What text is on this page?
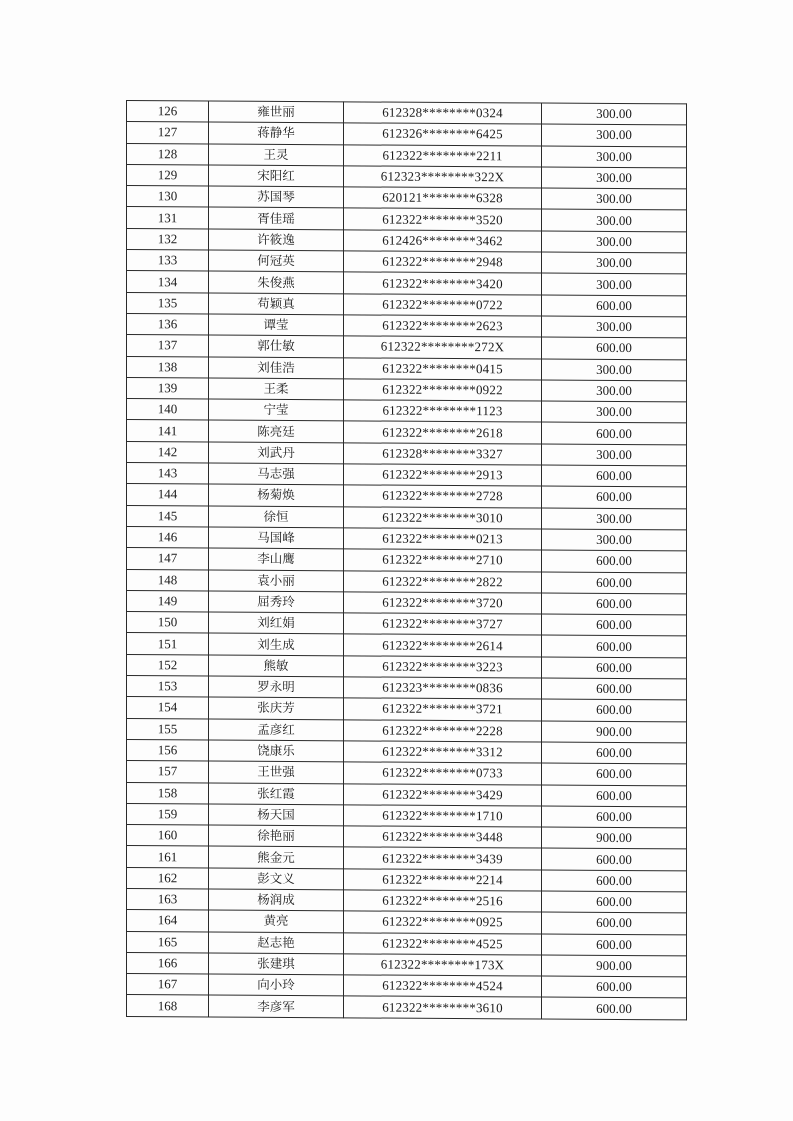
126	雍世丽	612328********0324	300.00
127	蒋静华	612326********6425	300.00
128	王灵	612322********2211	300.00
129	宋阳红	612323********322X	300.00
130	苏国琴	620121********6328	300.00
131	胥佳瑶	612322********3520	300.00
132	许筱逸	612426********3462	300.00
133	何冠英	612322********2948	300.00
134	朱俊燕	612322********3420	300.00
135	苟颖真	612322********0722	600.00
136	谭莹	612322********2623	300.00
137	郭仕敏	612322********272X	600.00
138	刘佳浩	612322********0415	300.00
139	王柔	612322********0922	300.00
140	宁莹	612322********1123	300.00
141	陈亮廷	612322********2618	600.00
142	刘武丹	612328********3327	300.00
143	马志强	612322********2913	600.00
144	杨菊焕	612322********2728	600.00
145	徐恒	612322********3010	300.00
146	马国峰	612322********0213	300.00
147	李山鹰	612322********2710	600.00
148	袁小丽	612322********2822	600.00
149	屈秀玲	612322********3720	600.00
150	刘红娟	612322********3727	600.00
151	刘生成	612322********2614	600.00
152	熊敏	612322********3223	600.00
153	罗永明	612323********0836	600.00
154	张庆芳	612322********3721	600.00
155	孟彦红	612322********2228	900.00
156	饶康乐	612322********3312	600.00
157	王世强	612322********0733	600.00
158	张红霞	612322********3429	600.00
159	杨天国	612322********1710	600.00
160	徐艳丽	612322********3448	900.00
161	熊金元	612322********3439	600.00
162	彭文义	612322********2214	600.00
163	杨润成	612322********2516	600.00
164	黄亮	612322********0925	600.00
165	赵志艳	612322********4525	600.00
166	张建琪	612322********173X	900.00
167	向小玲	612322********4524	600.00
168	李彦军	612322********3610	600.00
